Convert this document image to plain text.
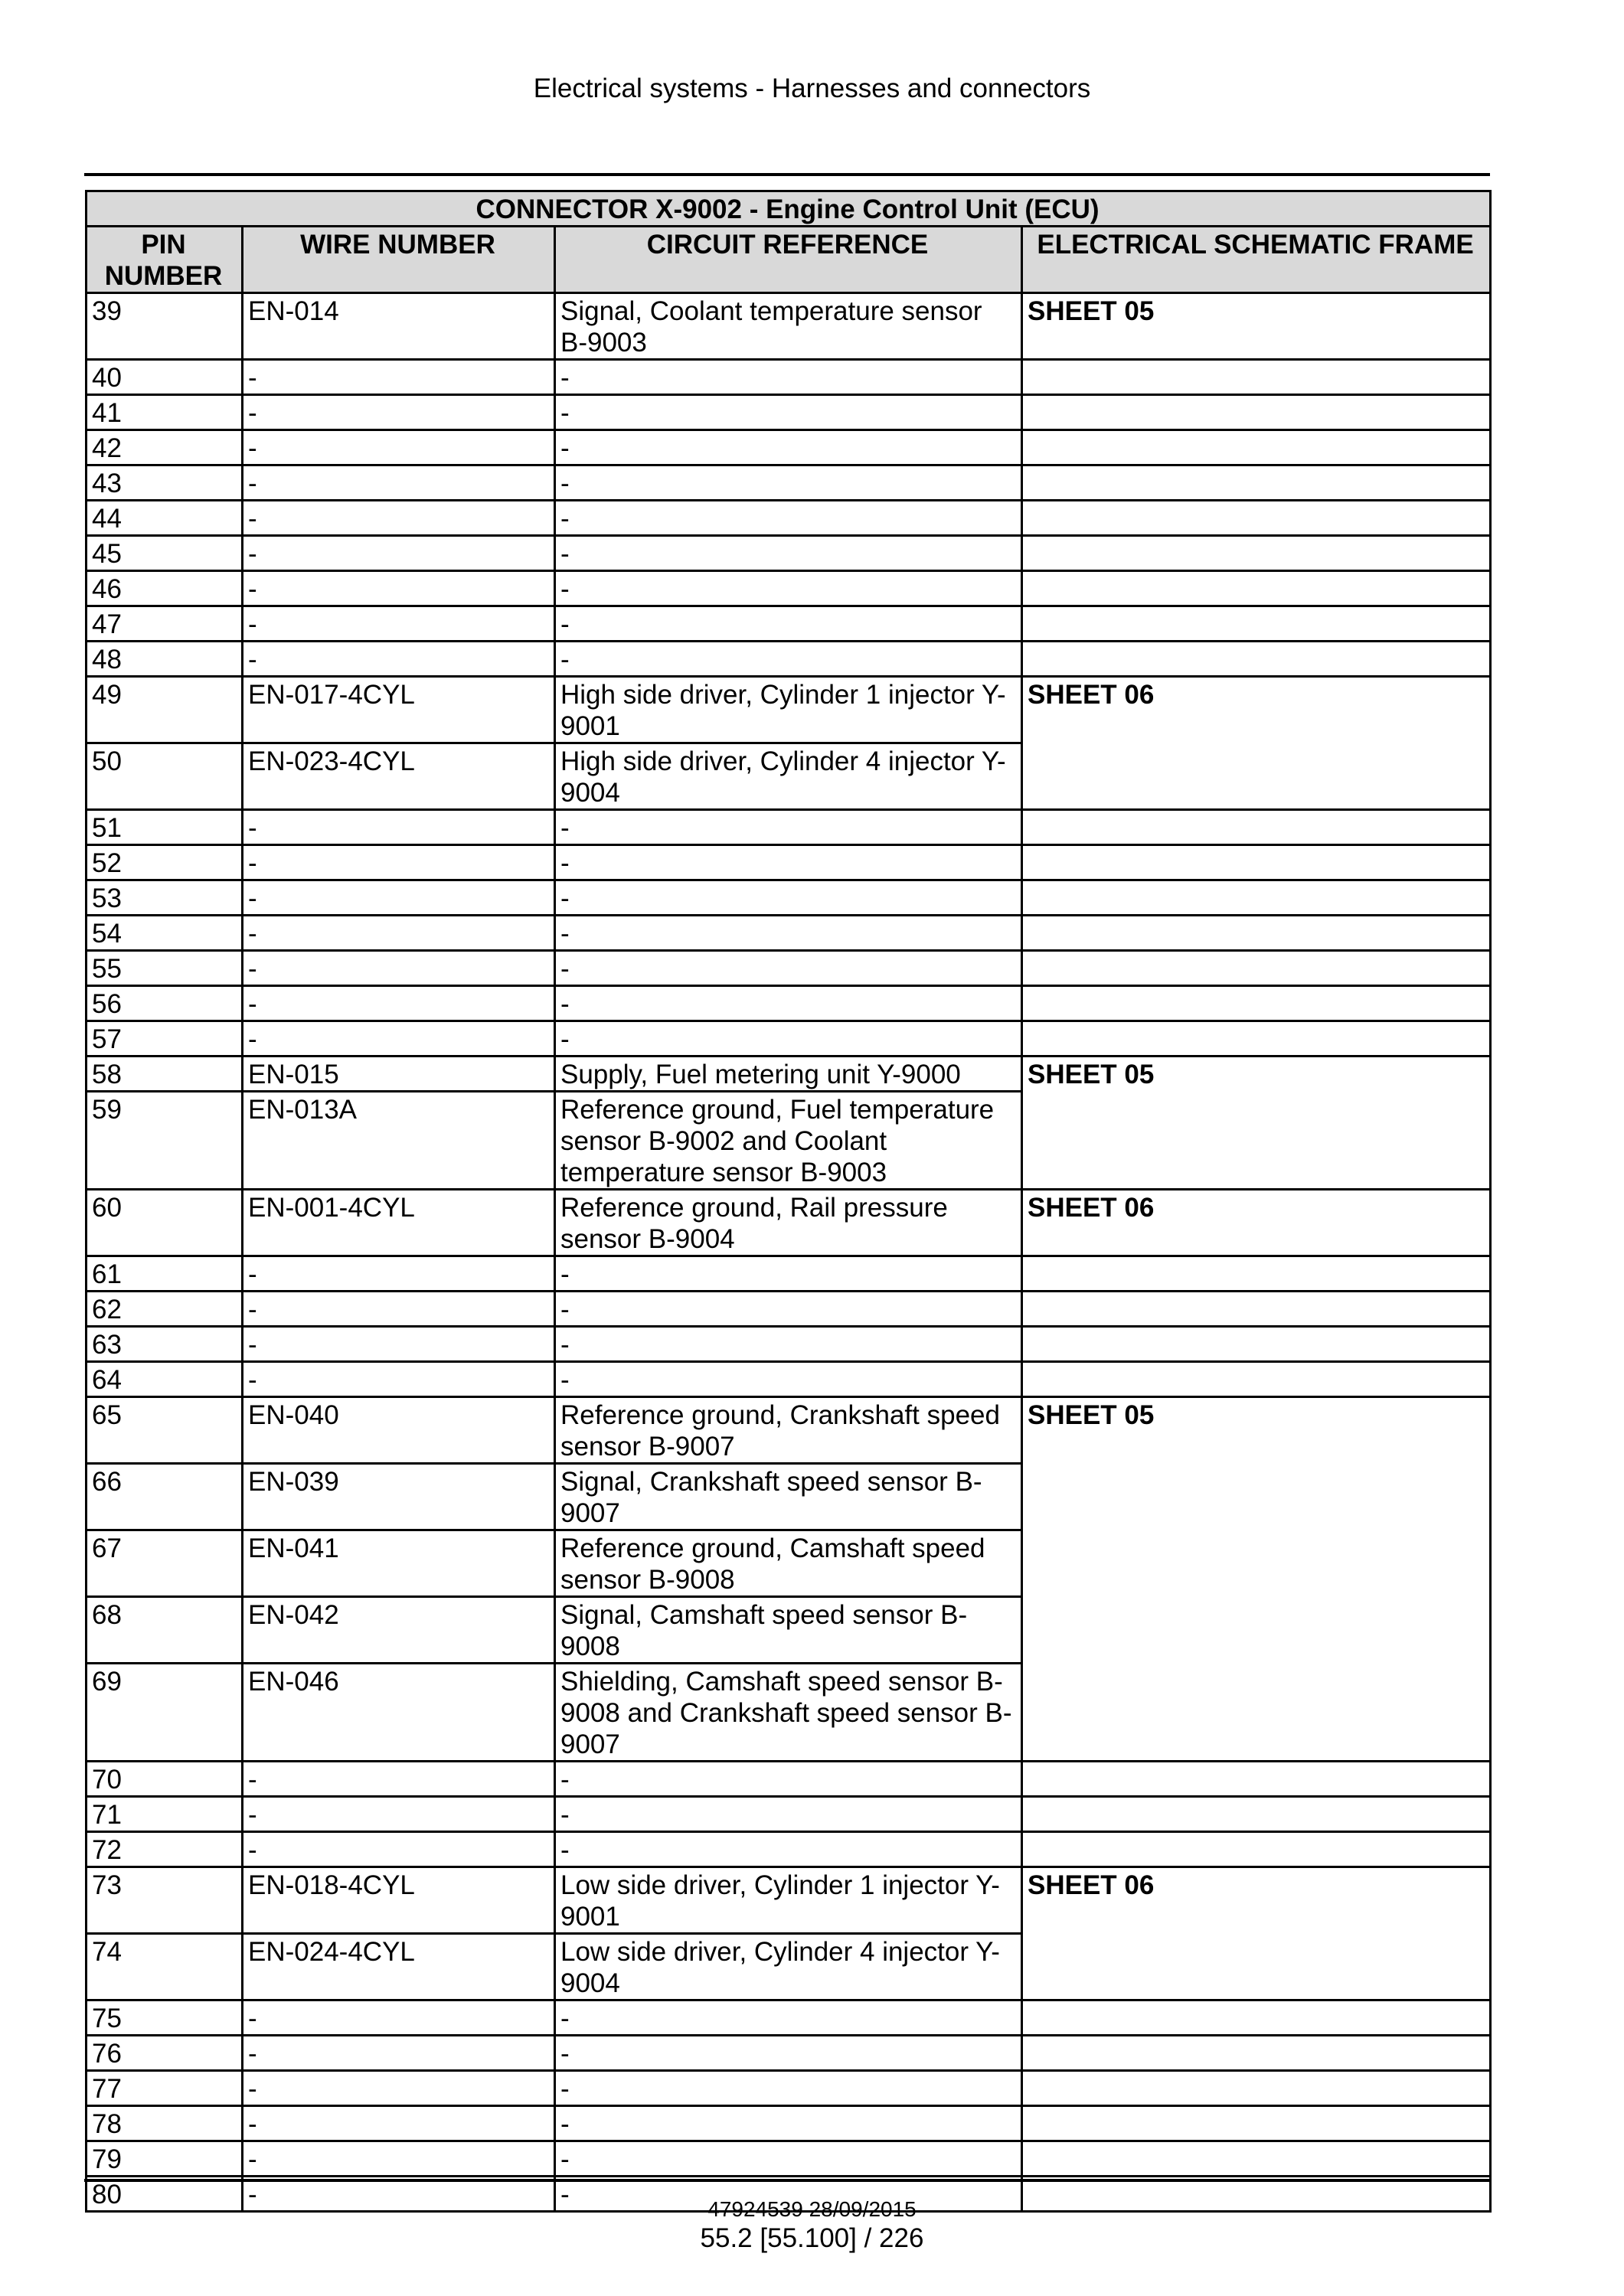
Electrical systems - Harnesses and connectors
CONNECTOR X-9002 - Engine Control Unit (ECU)			
PIN NUMBER	WIRE NUMBER	CIRCUIT REFERENCE	ELECTRICAL SCHEMATIC FRAME
39	EN-014	Signal, Coolant temperature sensor B-9003	SHEET 05
40	-	-	
41	-	-	
42	-	-	
43	-	-	
44	-	-	
45	-	-	
46	-	-	
47	-	-	
48	-	-	
49	EN-017-4CYL	High side driver, Cylinder 1 injector Y-9001	SHEET 06
50	EN-023-4CYL	High side driver, Cylinder 4 injector Y-9004	
51	-	-	
52	-	-	
53	-	-	
54	-	-	
55	-	-	
56	-	-	
57	-	-	
58	EN-015	Supply, Fuel metering unit Y-9000	SHEET 05
59	EN-013A	Reference ground, Fuel temperature sensor B-9002 and Coolant temperature sensor B-9003	
60	EN-001-4CYL	Reference ground, Rail pressure sensor B-9004	SHEET 06
61	-	-	
62	-	-	
63	-	-	
64	-	-	
65	EN-040	Reference ground, Crankshaft speed sensor B-9007	SHEET 05
66	EN-039	Signal, Crankshaft speed sensor B-9007	
67	EN-041	Reference ground, Camshaft speed sensor B-9008	
68	EN-042	Signal, Camshaft speed sensor B-9008	
69	EN-046	Shielding, Camshaft speed sensor B-9008 and Crankshaft speed sensor B-9007	
70	-	-	
71	-	-	
72	-	-	
73	EN-018-4CYL	Low side driver, Cylinder 1 injector Y-9001	SHEET 06
74	EN-024-4CYL	Low side driver, Cylinder 4 injector Y-9004	
75	-	-	
76	-	-	
77	-	-	
78	-	-	
79	-	-	
80	-	-		47924539 28/09/2015
55.2 [55.100] / 226
